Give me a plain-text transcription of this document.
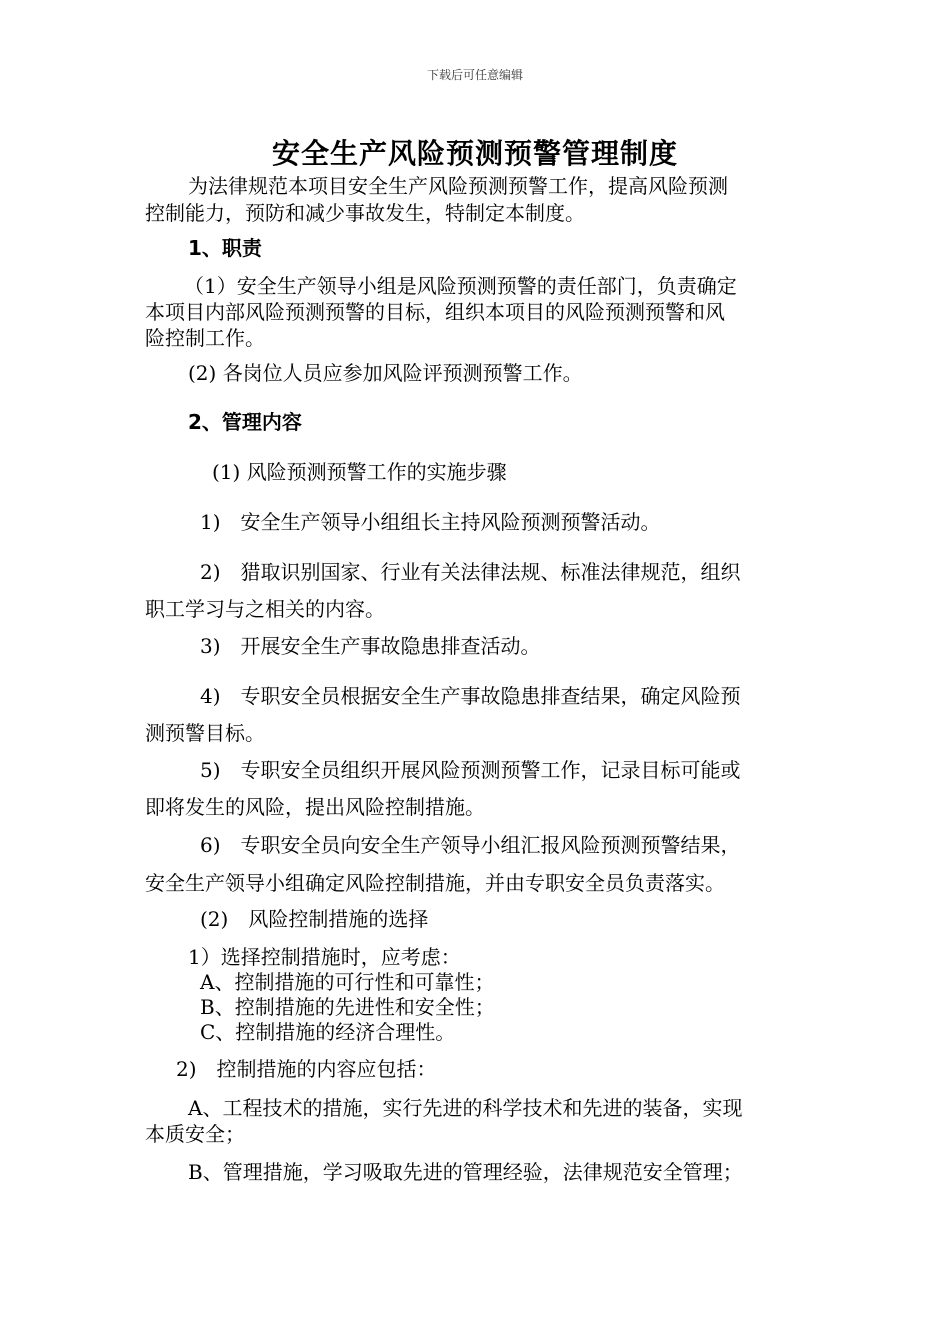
下载后可任意编辑
安全生产风险预测预警管理制度
为法律规范本项目安全生产风险预测预警工作，提高风险预测
控制能力，预防和减少事故发生，特制定本制度。
1、职责
（1）安全生产领导小组是风险预测预警的责任部门，负责确定
本项目内部风险预测预警的目标，组织本项目的风险预测预警和风
险控制工作。
(2) 各岗位人员应参加风险评预测预警工作。
2、管理内容
(1) 风险预测预警工作的实施步骤
1)　安全生产领导小组组长主持风险预测预警活动。
2)　猎取识别国家、行业有关法律法规、标准法律规范，组织
职工学习与之相关的内容。
3)　开展安全生产事故隐患排查活动。
4)　专职安全员根据安全生产事故隐患排查结果，确定风险预
测预警目标。
5)　专职安全员组织开展风险预测预警工作，记录目标可能或
即将发生的风险，提出风险控制措施。
6)　专职安全员向安全生产领导小组汇报风险预测预警结果，
安全生产领导小组确定风险控制措施，并由专职安全员负责落实。
(2)　风险控制措施的选择
1）选择控制措施时，应考虑：
A、控制措施的可行性和可靠性；
B、控制措施的先进性和安全性；
C、控制措施的经济合理性。
2)　控制措施的内容应包括：
A、工程技术的措施，实行先进的科学技术和先进的装备，实现
本质安全；
B、管理措施，学习吸取先进的管理经验，法律规范安全管理；
